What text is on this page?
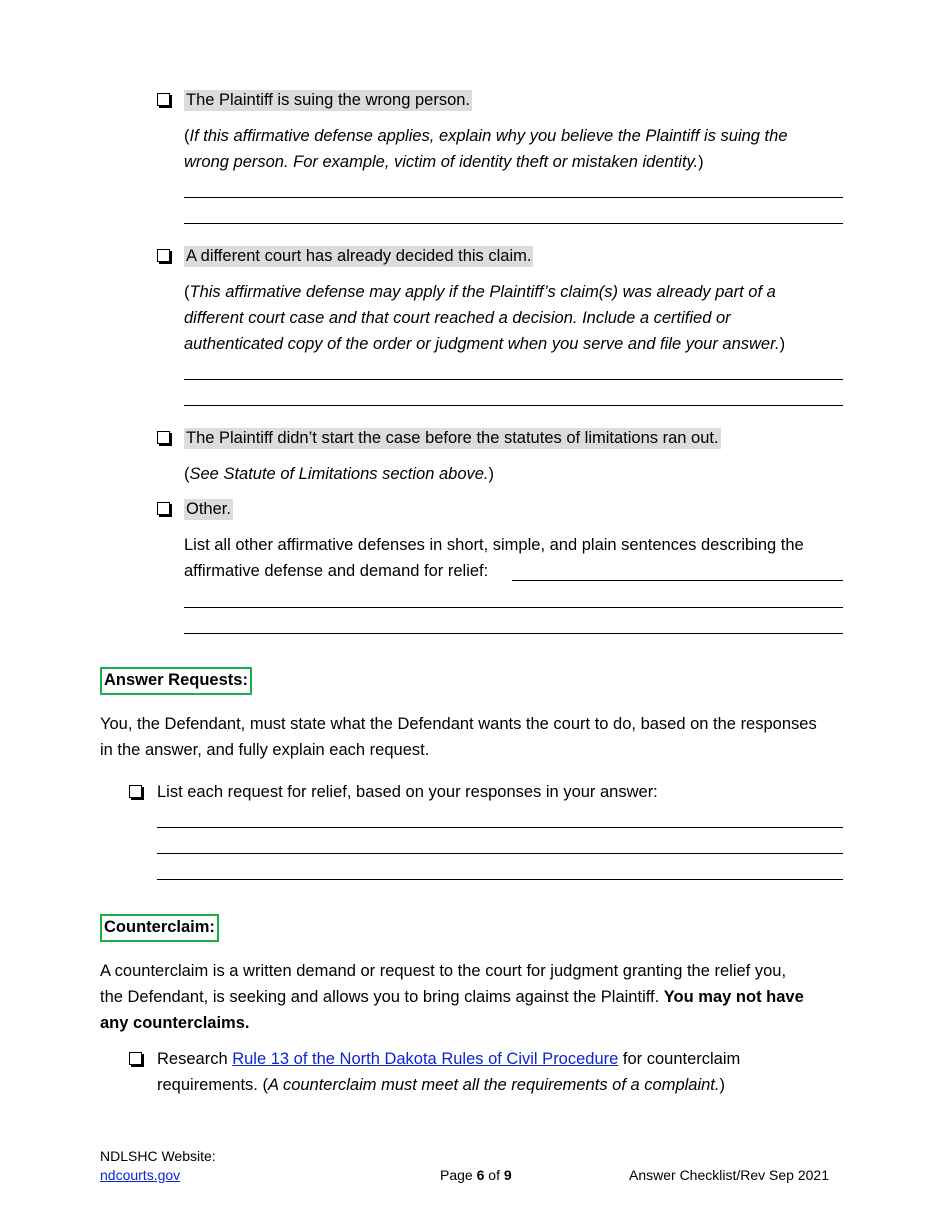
The Plaintiff is suing the wrong person.
(If this affirmative defense applies, explain why you believe the Plaintiff is suing the
wrong person. For example, victim of identity theft or mistaken identity.)
A different court has already decided this claim.
(This affirmative defense may apply if the Plaintiff’s claim(s) was already part of a
different court case and that court reached a decision. Include a certified or
authenticated copy of the order or judgment when you serve and file your answer.)
The Plaintiff didn’t start the case before the statutes of limitations ran out.
(See Statute of Limitations section above.)
Other.
List all other affirmative defenses in short, simple, and plain sentences describing the
affirmative defense and demand for relief:
Answer Requests:
You, the Defendant, must state what the Defendant wants the court to do, based on the responses
in the answer, and fully explain each request.
List each request for relief, based on your responses in your answer:
Counterclaim:
A counterclaim is a written demand or request to the court for judgment granting the relief you,
the Defendant, is seeking and allows you to bring claims against the Plaintiff. You may not have
any counterclaims.
Research Rule 13 of the North Dakota Rules of Civil Procedure for counterclaim
requirements. (A counterclaim must meet all the requirements of a complaint.)
NDLSHC Website:
ndcourts.gov	Page 6 of 9	Answer Checklist/Rev Sep 2021
